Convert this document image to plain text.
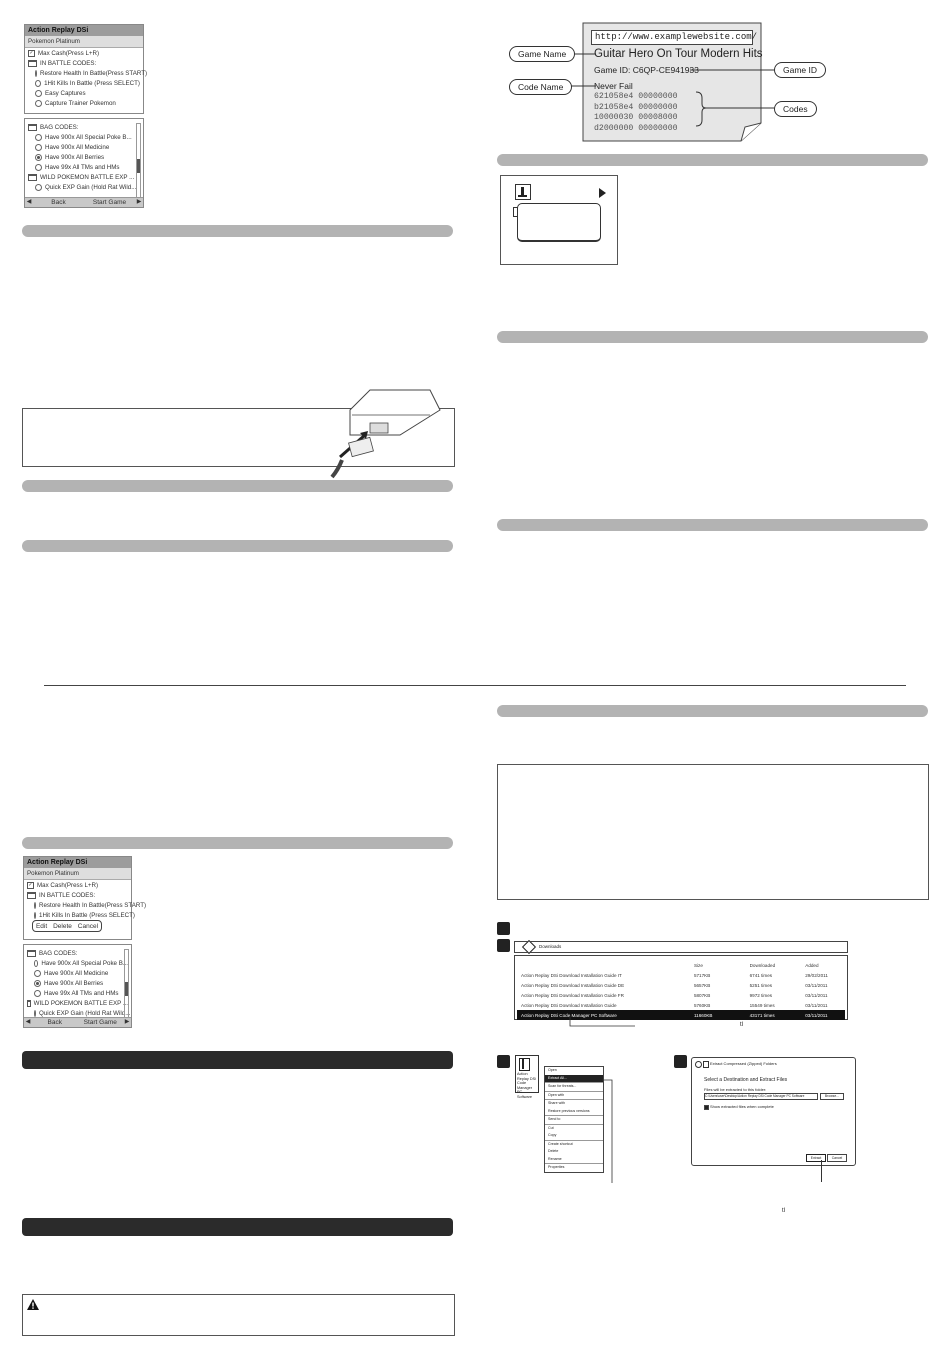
Action Replay DSi
Pokemon Platinum
✓ Max Cash(Press L+R)
IN BATTLE CODES:
Restore Health In Battle(Press START)
1Hit Kills In Battle (Press SELECT)
Easy Captures
Capture Trainer Pokemon
BAG CODES:
Have 900x All Special Poke B...
Have 900x All Medicine
Have 900x All Berries
Have 99x All TMs and HMs
WILD POKEMON BATTLE EXP ...
Quick EXP Gain (Hold Rat Wild...
◀	Back	Start Game	▶
http://www.examplewebsite.com/
Guitar Hero On Tour Modern Hits
Game ID: C6QP-CE941933
Never Fail
621058e4 00000000
b21058e4 00000000
10000030 00008000
d2000000 00000000
Game Name
Code Name
Game ID
Codes
Action Replay DSi
Pokemon Platinum
✓ Max Cash(Press L+R)
IN BATTLE CODES:
Restore Health In Battle(Press START)
1Hit Kills In Battle (Press SELECT)
Edit Delete Cancel
BAG CODES:
Have 900x All Special Poke B...
Have 900x All Medicine
Have 900x All Berries
Have 99x All TMs and HMs
WILD POKEMON BATTLE EXP ...
Quick EXP Gain (Hold Rat Wild...
◀	Back	Start Game	▶
Downloads
Size	Downloaded	Added
Action Replay DSi Download Installation Guide IT	5717KB	6741 times	29/02/2011
Action Replay DSi Download Installation Guide DE	5657KB	5251 times	03/11/2011
Action Replay DSi Download Installation Guide FR	5807KB	9972 times	03/11/2011
Action Replay DSi Download Installation Guide	5760KB	15549 times	03/11/2011
Action Replay DSi Code Manager PC Software	11660KB	43171 times	03/11/2011
tl
Action Replay DSi Code Manager PC Software
Open
Extract All...
Scan for threats...
Open with
Share with
Restore previous versions
Send to
Cut
Copy
Create shortcut
Delete
Rename
Properties
Extract Compressed (Zipped) Folders
Select a Destination and Extract Files
Files will be extracted to this folder:
C:\Users\user\Desktop\Action Replay DSi Code Manager PC Software	Browse...
Show extracted files when complete
Extract	Cancel
tl
